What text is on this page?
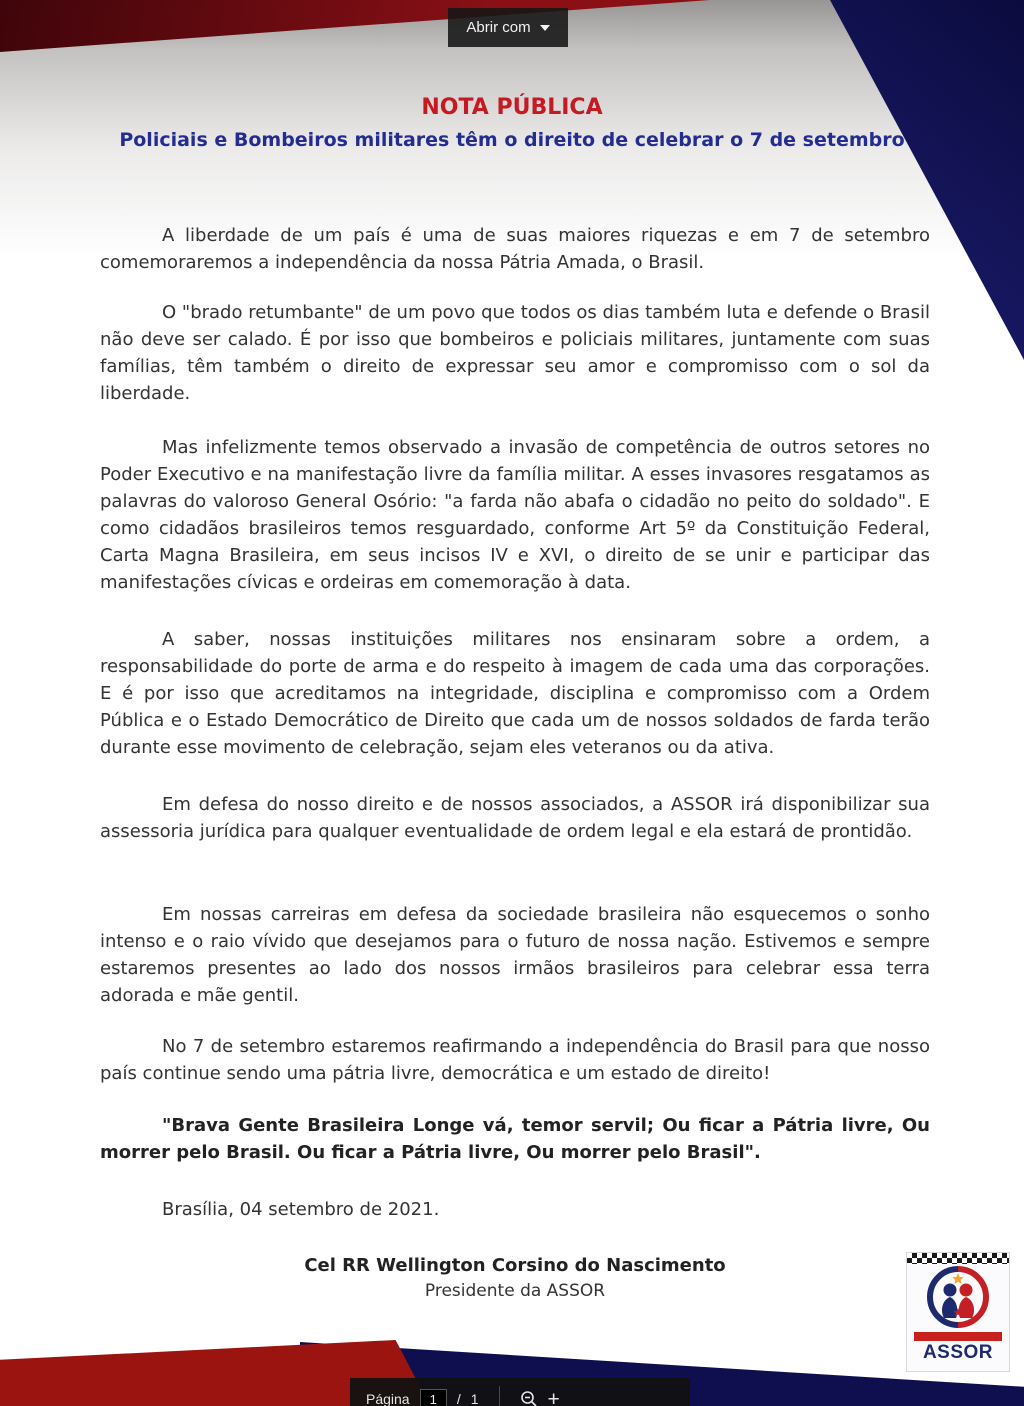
Abrir com
NOTA PÚBLICA
Policiais e Bombeiros militares têm o direito de celebrar o 7 de setembro

A liberdade de um país é uma de suas maiores riquezas e em 7 de setembro comemoraremos a independência da nossa Pátria Amada, o Brasil.

O "brado retumbante" de um povo que todos os dias também luta e defende o Brasil não deve ser calado. É por isso que bombeiros e policiais militares, juntamente com suas famílias, têm também o direito de expressar seu amor e compromisso com o sol da liberdade.

Mas infelizmente temos observado a invasão de competência de outros setores no Poder Executivo e na manifestação livre da família militar. A esses invasores resgatamos as palavras do valoroso General Osório: "a farda não abafa o cidadão no peito do soldado". E como cidadãos brasileiros temos resguardado, conforme Art 5º da Constituição Federal, Carta Magna Brasileira, em seus incisos IV e XVI, o direito de se unir e participar das manifestações cívicas e ordeiras em comemoração à data.

A saber, nossas instituições militares nos ensinaram sobre a ordem, a responsabilidade do porte de arma e do respeito à imagem de cada uma das corporações. E é por isso que acreditamos na integridade, disciplina e compromisso com a Ordem Pública e o Estado Democrático de Direito que cada um de nossos soldados de farda terão durante esse movimento de celebração, sejam eles veteranos ou da ativa.

Em defesa do nosso direito e de nossos associados, a ASSOR irá disponibilizar sua assessoria jurídica para qualquer eventualidade de ordem legal e ela estará de prontidão.

Em nossas carreiras em defesa da sociedade brasileira não esquecemos o sonho intenso e o raio vívido que desejamos para o futuro de nossa nação. Estivemos e sempre estaremos presentes ao lado dos nossos irmãos brasileiros para celebrar essa terra adorada e mãe gentil.

No 7 de setembro estaremos reafirmando a independência do Brasil para que nosso país continue sendo uma pátria livre, democrática e um estado de direito!

"Brava Gente Brasileira Longe vá, temor servil; Ou ficar a Pátria livre, Ou morrer pelo Brasil. Ou ficar a Pátria livre, Ou morrer pelo Brasil".

Brasília, 04 setembro de 2021.

Cel RR Wellington Corsino do Nascimento
Presidente da ASSOR
ASSOR
Página	1	/ 1	+
